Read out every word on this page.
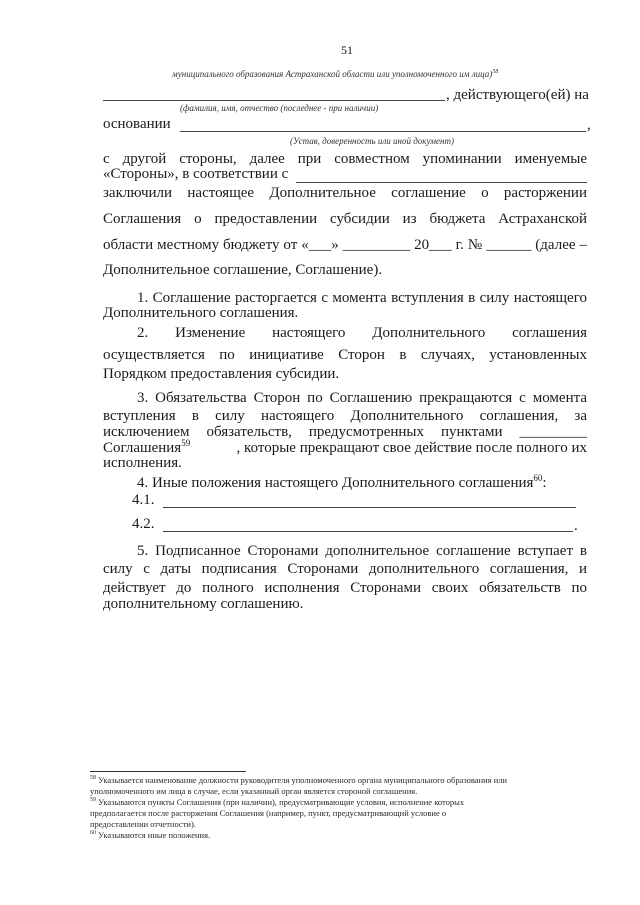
51
муниципального образования Астраханской области или уполномоченного им лица)$^{58}$
, действующего(ей) на
(фамилия, имя, отчество (последнее - при наличии)
основании	,
(Устав, доверенность или иной документ)
с другой стороны, далее при совместном упоминании именуемые
«Стороны», в соответствии с
заключили настоящее Дополнительное соглашение о расторжении
Соглашения о предоставлении субсидии из бюджета Астраханской
области местному бюджету от «___» _________ 20___ г. № ______ (далее –
Дополнительное соглашение, Соглашение).
1. Соглашение расторгается с момента вступления в силу настоящего
Дополнительного соглашения.
2. Изменение настоящего Дополнительного соглашения
осуществляется по инициативе Сторон в случаях, установленных
Порядком предоставления субсидии.
3. Обязательства Сторон по Соглашению прекращаются с момента
вступления в силу настоящего Дополнительного соглашения, за
исключением обязательств, предусмотренных пунктами _________
Соглашения$^{59}$	, которые прекращают свое действие после полного их
исполнения.
4. Иные положения настоящего Дополнительного соглашения$^{60}$:
4.1.
4.2.	.
5. Подписанное Сторонами дополнительное соглашение вступает в
силу с даты подписания Сторонами дополнительного соглашения, и
действует до полного исполнения Сторонами своих обязательств по
дополнительному соглашению.
$^{58}$ Указывается наименование должности руководителя уполномоченного органа муниципального образования или
уполномоченного им лица в случае, если указанный орган является стороной соглашения.
$^{59}$ Указываются пункты Соглашения (при наличии), предусматривающие условия, исполнение которых
предполагается после расторжения Соглашения (например, пункт, предусматривающий условие о
предоставлении отчетности).
$^{60}$ Указываются иные положения.
